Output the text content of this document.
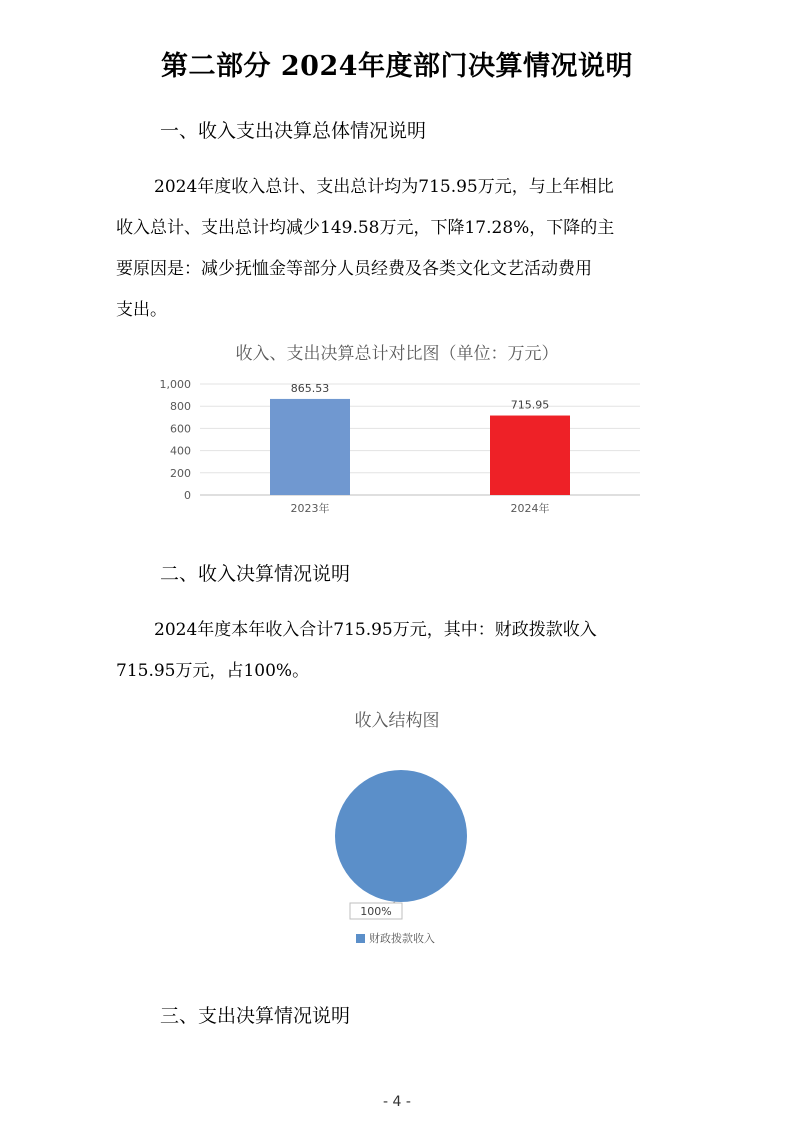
第二部分 2024年度部门决算情况说明
一、收入支出决算总体情况说明
2024年度收入总计、支出总计均为715.95万元，与上年相比
收入总计、支出总计均减少149.58万元，下降17.28%，下降的主
要原因是：减少抚恤金等部分人员经费及各类文化文艺活动费用
支出。
收入、支出决算总计对比图（单位：万元）
0
200
400
600
800
1,000	865.53
2023年
715.95
2024年
二、收入决算情况说明
2024年度本年收入合计715.95万元，其中：财政拨款收入
715.95万元，占100%。
收入结构图
100%
财政拨款收入
三、支出决算情况说明
- 4 -
